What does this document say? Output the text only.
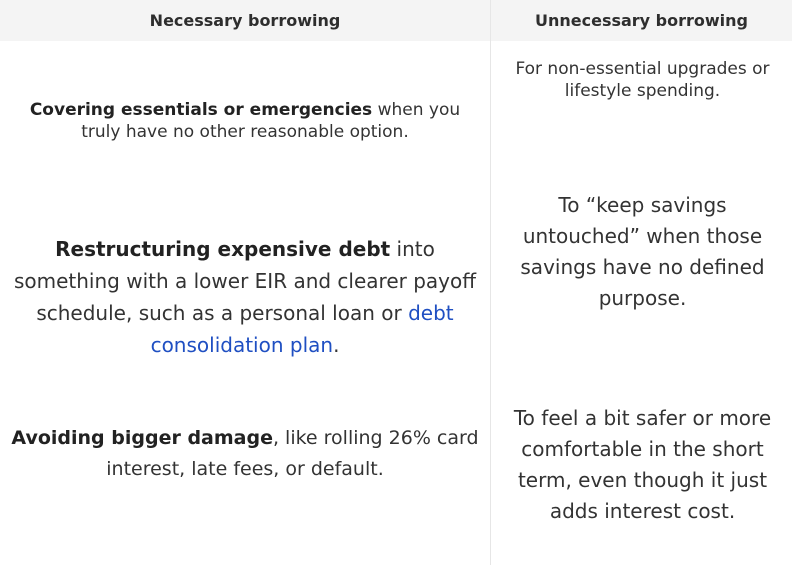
Necessary borrowing	Unnecessary borrowing
Covering essentials or emergencies when you truly have no other reasonable option.
For non-essential upgrades or lifestyle spending.
Restructuring expensive debt into something with a lower EIR and clearer payoff schedule, such as a personal loan or debt consolidation plan.
To “keep savings untouched” when those savings have no defined purpose.
Avoiding bigger damage, like rolling 26% card interest, late fees, or default.
To feel a bit safer or more comfortable in the short term, even though it just adds interest cost.
